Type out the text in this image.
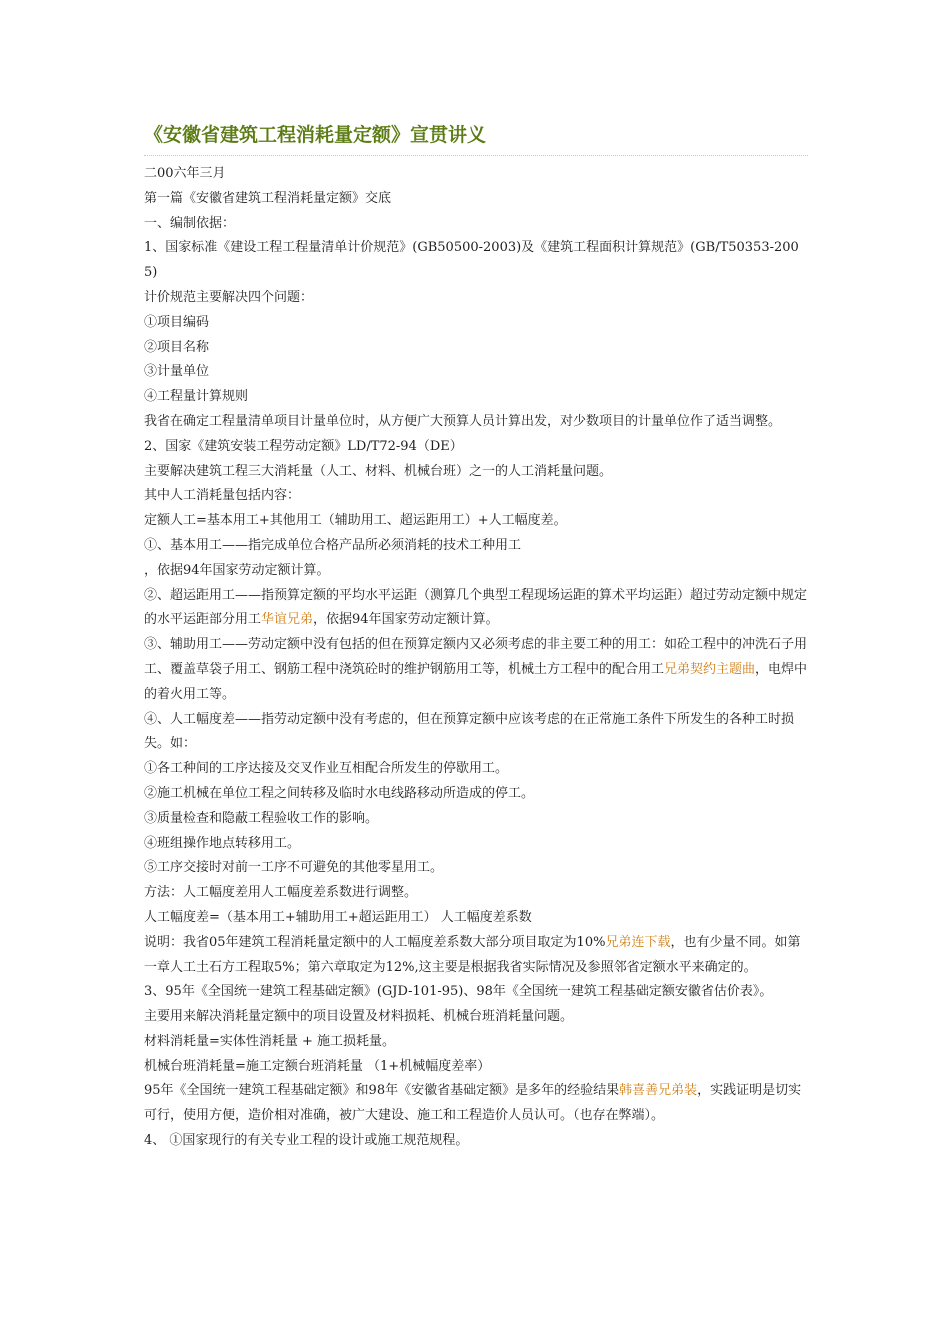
《安徽省建筑工程消耗量定额》宣贯讲义

二00六年三月

第一篇《安徽省建筑工程消耗量定额》交底

一、编制依据：

1、国家标准《建设工程工程量清单计价规范》(GB50500-2003)及《建筑工程面积计算规范》(GB/T50353-2005)

计价规范主要解决四个问题：

①项目编码

②项目名称

③计量单位

④工程量计算规则

我省在确定工程量清单项目计量单位时，从方便广大预算人员计算出发，对少数项目的计量单位作了适当调整。

2、国家《建筑安装工程劳动定额》LD/T72-94（DE）

主要解决建筑工程三大消耗量（人工、材料、机械台班）之一的人工消耗量问题。

其中人工消耗量包括内容：

定额人工=基本用工+其他用工（辅助用工、超运距用工）+人工幅度差。

①、基本用工——指完成单位合格产品所必须消耗的技术工种用工

，依据94年国家劳动定额计算。

②、超运距用工——指预算定额的平均水平运距（测算几个典型工程现场运距的算术平均运距）超过劳动定额中规定的水平运距部分用工华谊兄弟，依据94年国家劳动定额计算。

③、辅助用工——劳动定额中没有包括的但在预算定额内又必须考虑的非主要工种的用工：如砼工程中的冲洗石子用工、覆盖草袋子用工、钢筋工程中浇筑砼时的维护钢筋用工等，机械土方工程中的配合用工兄弟契约主题曲，电焊中的着火用工等。

④、人工幅度差——指劳动定额中没有考虑的，但在预算定额中应该考虑的在正常施工条件下所发生的各种工时损失。如：

①各工种间的工序达接及交叉作业互相配合所发生的停歇用工。

②施工机械在单位工程之间转移及临时水电线路移动所造成的停工。

③质量检查和隐蔽工程验收工作的影响。

④班组操作地点转移用工。

⑤工序交接时对前一工序不可避免的其他零星用工。

方法：人工幅度差用人工幅度差系数进行调整。

人工幅度差=（基本用工+辅助用工+超运距用工） 人工幅度差系数

说明：我省05年建筑工程消耗量定额中的人工幅度差系数大部分项目取定为10%兄弟连下载，也有少量不同。如第一章人工土石方工程取5%；第六章取定为12%,这主要是根据我省实际情况及参照邻省定额水平来确定的。

3、95年《全国统一建筑工程基础定额》(GJD-101-95)、98年《全国统一建筑工程基础定额安徽省估价表》。

主要用来解决消耗量定额中的项目设置及材料损耗、机械台班消耗量问题。

材料消耗量=实体性消耗量 + 施工损耗量。

机械台班消耗量=施工定额台班消耗量 （1+机械幅度差率）

95年《全国统一建筑工程基础定额》和98年《安徽省基础定额》是多年的经验结果韩喜善兄弟装，实践证明是切实可行，使用方便，造价相对准确，被广大建设、施工和工程造价人员认可。（也存在弊端）。

4、 ①国家现行的有关专业工程的设计或施工规范规程。
